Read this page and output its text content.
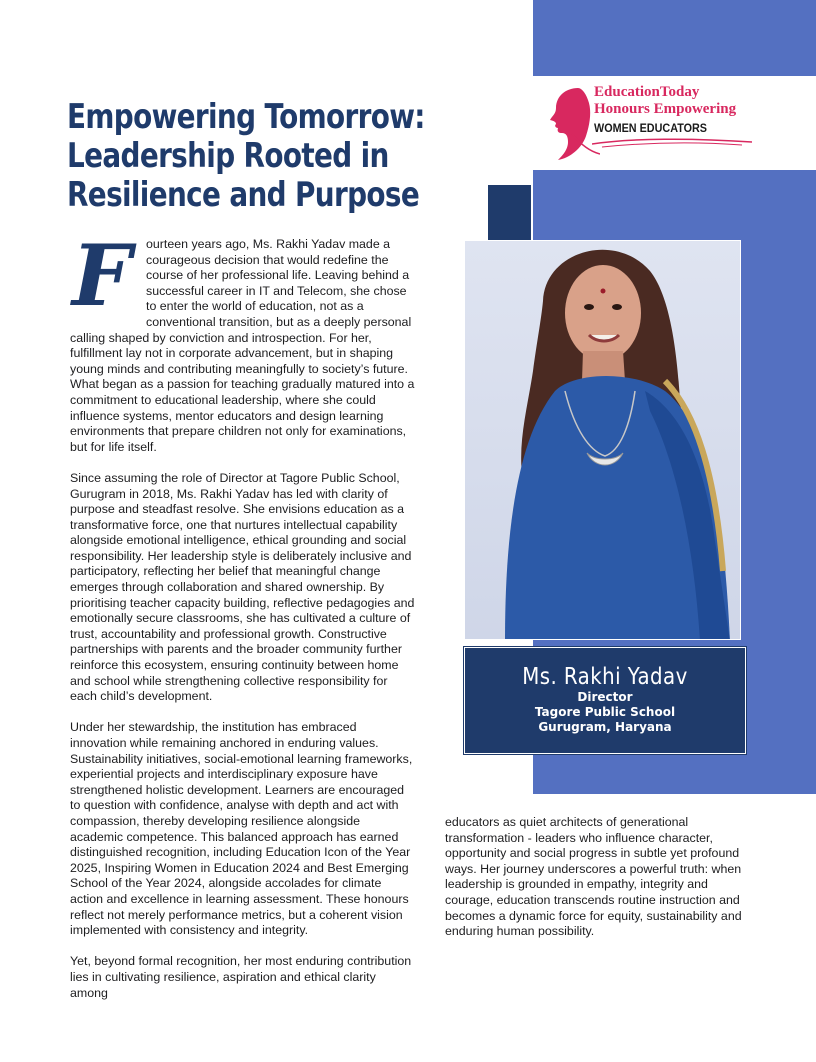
EducationToday
Honours Empowering
WOMEN EDUCATORS
Empowering Tomorrow:
Leadership Rooted in
Resilience and Purpose

F	ourteen years ago, Ms. Rakhi Yadav made a courageous decision that would redefine the course of her professional life. Leaving behind a successful career in IT and Telecom, she chose to enter the world of education, not as a conventional transition, but as a deeply personal calling shaped by conviction and introspection. For her, fulfillment lay not in corporate advancement, but in shaping young minds and contributing meaningfully to society’s future. What began as a passion for teaching gradually matured into a commitment to educational leadership, where she could influence systems, mentor educators and design learning environments that prepare children not only for examinations, but for life itself.

Since assuming the role of Director at Tagore Public School, Gurugram in 2018, Ms. Rakhi Yadav has led with clarity of purpose and steadfast resolve. She envisions education as a transformative force, one that nurtures intellectual capability alongside emotional intelligence, ethical grounding and social responsibility. Her leadership style is deliberately inclusive and participatory, reflecting her belief that meaningful change emerges through collaboration and shared ownership. By prioritising teacher capacity building, reflective pedagogies and emotionally secure classrooms, she has cultivated a culture of trust, accountability and professional growth. Constructive partnerships with parents and the broader community further reinforce this ecosystem, ensuring continuity between home and school while strengthening collective responsibility for each child’s development.

Under her stewardship, the institution has embraced innovation while remaining anchored in enduring values. Sustainability initiatives, social-emotional learning frameworks, experiential projects and interdisciplinary exposure have strengthened holistic development. Learners are encouraged to question with confidence, analyse with depth and act with compassion, thereby developing resilience alongside academic competence. This balanced approach has earned distinguished recognition, including Education Icon of the Year 2025, Inspiring Women in Education 2024 and Best Emerging School of the Year 2024, alongside accolades for climate action and excellence in learning assessment. These honours reflect not merely performance metrics, but a coherent vision implemented with consistency and integrity.

Yet, beyond formal recognition, her most enduring contribution lies in cultivating resilience, aspiration and ethical clarity among

Ms. Rakhi Yadav
Director
Tagore Public School
Gurugram, Haryana

educators as quiet architects of generational transformation - leaders who influence character, opportunity and social progress in subtle yet profound ways. Her journey underscores a powerful truth: when leadership is grounded in empathy, integrity and courage, education transcends routine instruction and becomes a dynamic force for equity, sustainability and enduring human possibility.
